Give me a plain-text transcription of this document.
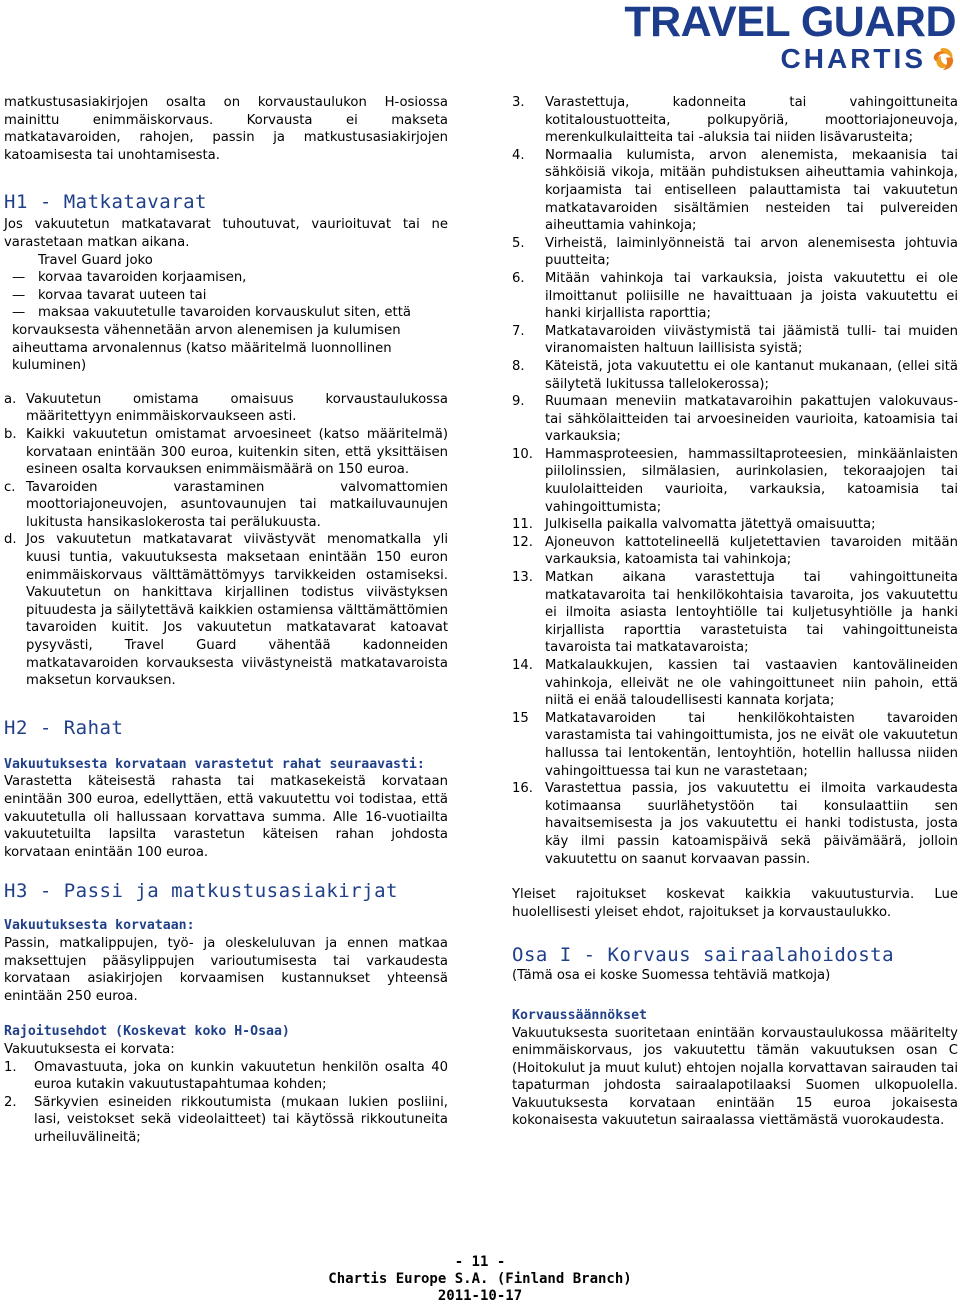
TRAVEL GUARD
CHARTIS

matkustusasiakirjojen osalta on korvaustaulukon H-osiossa mainittu enimmäiskorvaus. Korvausta ei makseta matkatavaroiden, rahojen, passin ja matkustusasiakirjojen katoamisesta tai unohtamisesta.

H1 - Matkatavarat

Jos vakuutetun matkatavarat tuhoutuvat, vaurioituvat tai ne varastetaan matkan aikana.

Travel Guard joko

— korvaa tavaroiden korjaamisen,
— korvaa tavarat uuteen tai
— maksaa vakuutetulle tavaroiden korvauskulut siten, että korvauksesta vähennetään arvon alenemisen ja kulumisen aiheuttama arvonalennus (katso määritelmä luonnollinen kuluminen)
a. Vakuutetun omistama omaisuus korvaustaulukossa määritettyyn enimmäiskorvaukseen asti.
b. Kaikki vakuutetun omistamat arvoesineet (katso määritelmä) korvataan enintään 300 euroa, kuitenkin siten, että yksittäisen esineen osalta korvauksen enimmäismäärä on 150 euroa.
c. Tavaroiden varastaminen valvomattomien moottoriajoneuvojen, asuntovaunujen tai matkailuvaunujen lukitusta hansikaslokerosta tai perälukuusta.
d. Jos vakuutetun matkatavarat viivästyvät menomatkalla yli kuusi tuntia, vakuutuksesta maksetaan enintään 150 euron enimmäiskorvaus välttämättömyys tarvikkeiden ostamiseksi. Vakuutetun on hankittava kirjallinen todistus viivästyksen pituudesta ja säilytettävä kaikkien ostamiensa välttämättömien tavaroiden kuitit. Jos vakuutetun matkatavarat katoavat pysyvästi, Travel Guard vähentää kadonneiden matkatavaroiden korvauksesta viivästyneistä matkatavaroista maksetun korvauksen.

H2 - Rahat

Vakuutuksesta korvataan varastetut rahat seuraavasti:

Varastetta käteisestä rahasta tai matkasekeistä korvataan enintään 300 euroa, edellyttäen, että vakuutettu voi todistaa, että vakuutetulla oli hallussaan korvattava summa. Alle 16-vuotiailta vakuutetuilta lapsilta varastetun käteisen rahan johdosta korvataan enintään 100 euroa.

H3 - Passi ja matkustusasiakirjat

Vakuutuksesta korvataan:

Passin, matkalippujen, työ- ja oleskeluluvan ja ennen matkaa maksettujen pääsylippujen varioutumisesta tai varkaudesta korvataan asiakirjojen korvaamisen kustannukset yhteensä enintään 250 euroa.

Rajoitusehdot (Koskevat koko H-Osaa)

Vakuutuksesta ei korvata:

1.	Omavastuuta, joka on kunkin vakuutetun henkilön osalta 40 euroa kutakin vakuutustapahtumaa kohden;
2.	Särkyvien esineiden rikkoutumista (mukaan lukien posliini, lasi, veistokset sekä videolaitteet) tai käytössä rikkoutuneita urheiluvälineitä;
3.	Varastettuja, kadonneita tai vahingoittuneita kotitaloustuotteita, polkupyöriä, moottoriajoneuvoja, merenkulkulaitteita tai -aluksia tai niiden lisävarusteita;
4.	Normaalia kulumista, arvon alenemista, mekaanisia tai sähköisiä vikoja, mitään puhdistuksen aiheuttamia vahinkoja, korjaamista tai entiselleen palauttamista tai vakuutetun matkatavaroiden sisältämien nesteiden tai pulvereiden aiheuttamia vahinkoja;
5.	Virheistä, laiminlyönneistä tai arvon alenemisesta johtuvia puutteita;
6.	Mitään vahinkoja tai varkauksia, joista vakuutettu ei ole ilmoittanut poliisille ne havaittuaan ja joista vakuutettu ei hanki kirjallista raporttia;
7.	Matkatavaroiden viivästymistä tai jäämistä tulli- tai muiden viranomaisten haltuun laillisista syistä;
8.	Käteistä, jota vakuutettu ei ole kantanut mukanaan, (ellei sitä säilytetä lukitussa tallelokerossa);
9.	Ruumaan meneviin matkatavaroihin pakattujen valokuvaus- tai sähkölaitteiden tai arvoesineiden vaurioita, katoamisia tai varkauksia;
10. Hammasproteesien, hammassiltaproteesien, minkäänlaisten piilolinssien, silmälasien, aurinkolasien, tekoraajojen tai kuulolaitteiden vaurioita, varkauksia, katoamisia tai vahingoittumista;
11. Julkisella paikalla valvomatta jätettyä omaisuutta;
12. Ajoneuvon kattotelineellä kuljetettavien tavaroiden mitään varkauksia, katoamista tai vahinkoja;
13. Matkan aikana varastettuja tai vahingoittuneita matkatavaroita tai henkilökohtaisia tavaroita, jos vakuutettu ei ilmoita asiasta lentoyhtiölle tai kuljetusyhtiölle ja hanki kirjallista raporttia varastetuista tai vahingoittuneista tavaroista tai matkatavaroista;
14. Matkalaukkujen, kassien tai vastaavien kantovälineiden vahinkoja, elleivät ne ole vahingoittuneet niin pahoin, että niitä ei enää taloudellisesti kannata korjata;
15	Matkatavaroiden tai henkilökohtaisten tavaroiden varastamista tai vahingoittumista, jos ne eivät ole vakuutetun hallussa tai lentokentän, lentoyhtiön, hotellin hallussa niiden vahingoittuessa tai kun ne varastetaan;
16. Varastettua passia, jos vakuutettu ei ilmoita varkaudesta kotimaansa suurlähetystöön tai konsulaattiin sen havaitsemisesta ja jos vakuutettu ei hanki todistusta, josta käy ilmi passin katoamispäivä sekä päivämäärä, jolloin vakuutettu on saanut korvaavan passin.

Yleiset rajoitukset koskevat kaikkia vakuutusturvia. Lue huolellisesti yleiset ehdot, rajoitukset ja korvaustaulukko.

Osa I - Korvaus sairaalahoidosta

(Tämä osa ei koske Suomessa tehtäviä matkoja)

Korvaussäännökset

Vakuutuksesta suoritetaan enintään korvaustaulukossa määritelty enimmäiskorvaus, jos vakuutettu tämän vakuutuksen osan C (Hoitokulut ja muut kulut) ehtojen nojalla korvattavan sairauden tai tapaturman johdosta sairaalapotilaaksi Suomen ulkopuolella. Vakuutuksesta korvataan enintään 15 euroa jokaisesta kokonaisesta vakuutetun sairaalassa viettämästä vuorokaudesta.

- 11 -
Chartis Europe S.A. (Finland Branch)
2011-10-17
